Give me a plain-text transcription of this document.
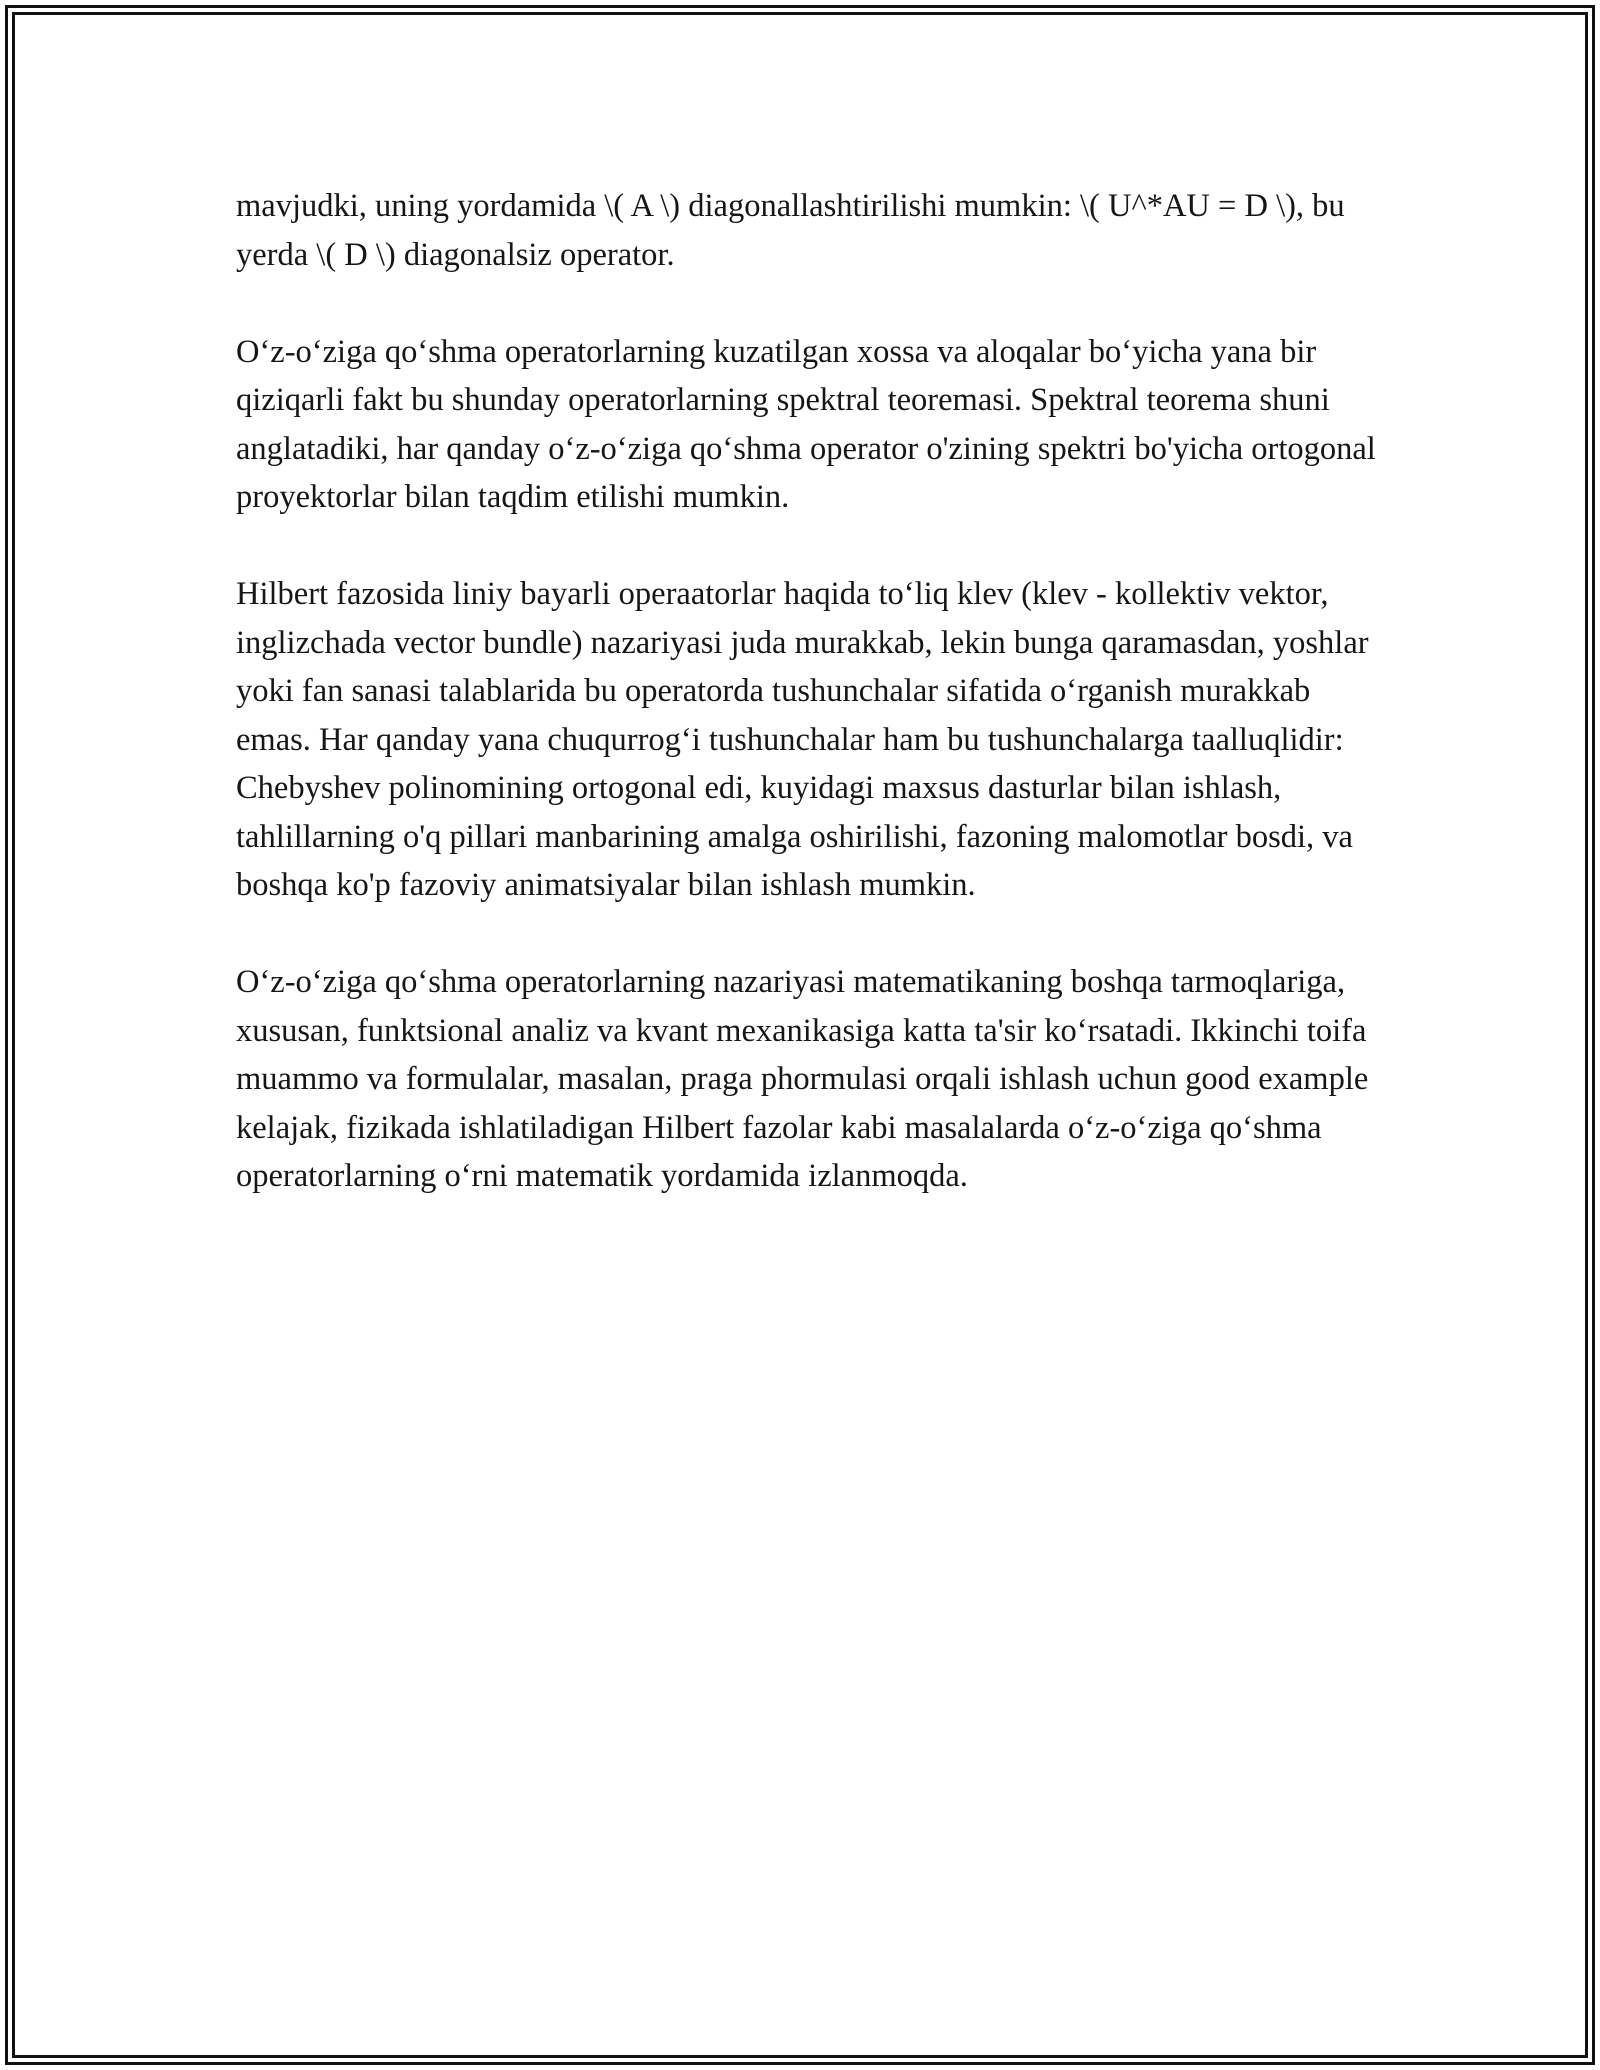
mavjudki, uning yordamida \( A \) diagonallashtirilishi mumkin: \( U^*AU = D \), bu yerda \( D \) diagonalsiz operator.

O‘z-o‘ziga qo‘shma operatorlarning kuzatilgan xossa va aloqalar bo‘yicha yana bir qiziqarli fakt bu shunday operatorlarning spektral teoremasi. Spektral teorema shuni anglatadiki, har qanday o‘z-o‘ziga qo‘shma operator o'zining spektri bo'yicha ortogonal proyektorlar bilan taqdim etilishi mumkin.

Hilbert fazosida liniy bayarli operaatorlar haqida to‘liq klev (klev - kollektiv vektor, inglizchada vector bundle) nazariyasi juda murakkab, lekin bunga qaramasdan, yoshlar yoki fan sanasi talablarida bu operatorda tushunchalar sifatida o‘rganish murakkab emas. Har qanday yana chuqurrog‘i tushunchalar ham bu tushunchalarga taalluqlidir: Chebyshev polinomining ortogonal edi, kuyidagi maxsus dasturlar bilan ishlash, tahlillarning o'q pillari manbarining amalga oshirilishi, fazoning malomotlar bosdi, va boshqa ko'p fazoviy animatsiyalar bilan ishlash mumkin.

O‘z-o‘ziga qo‘shma operatorlarning nazariyasi matematikaning boshqa tarmoqlariga, xususan, funktsional analiz va kvant mexanikasiga katta ta'sir ko‘rsatadi. Ikkinchi toifa muammo va formulalar, masalan, praga phormulasi orqali ishlash uchun good example kelajak, fizikada ishlatiladigan Hilbert fazolar kabi masalalarda o‘z-o‘ziga qo‘shma operatorlarning o‘rni matematik yordamida izlanmoqda.
